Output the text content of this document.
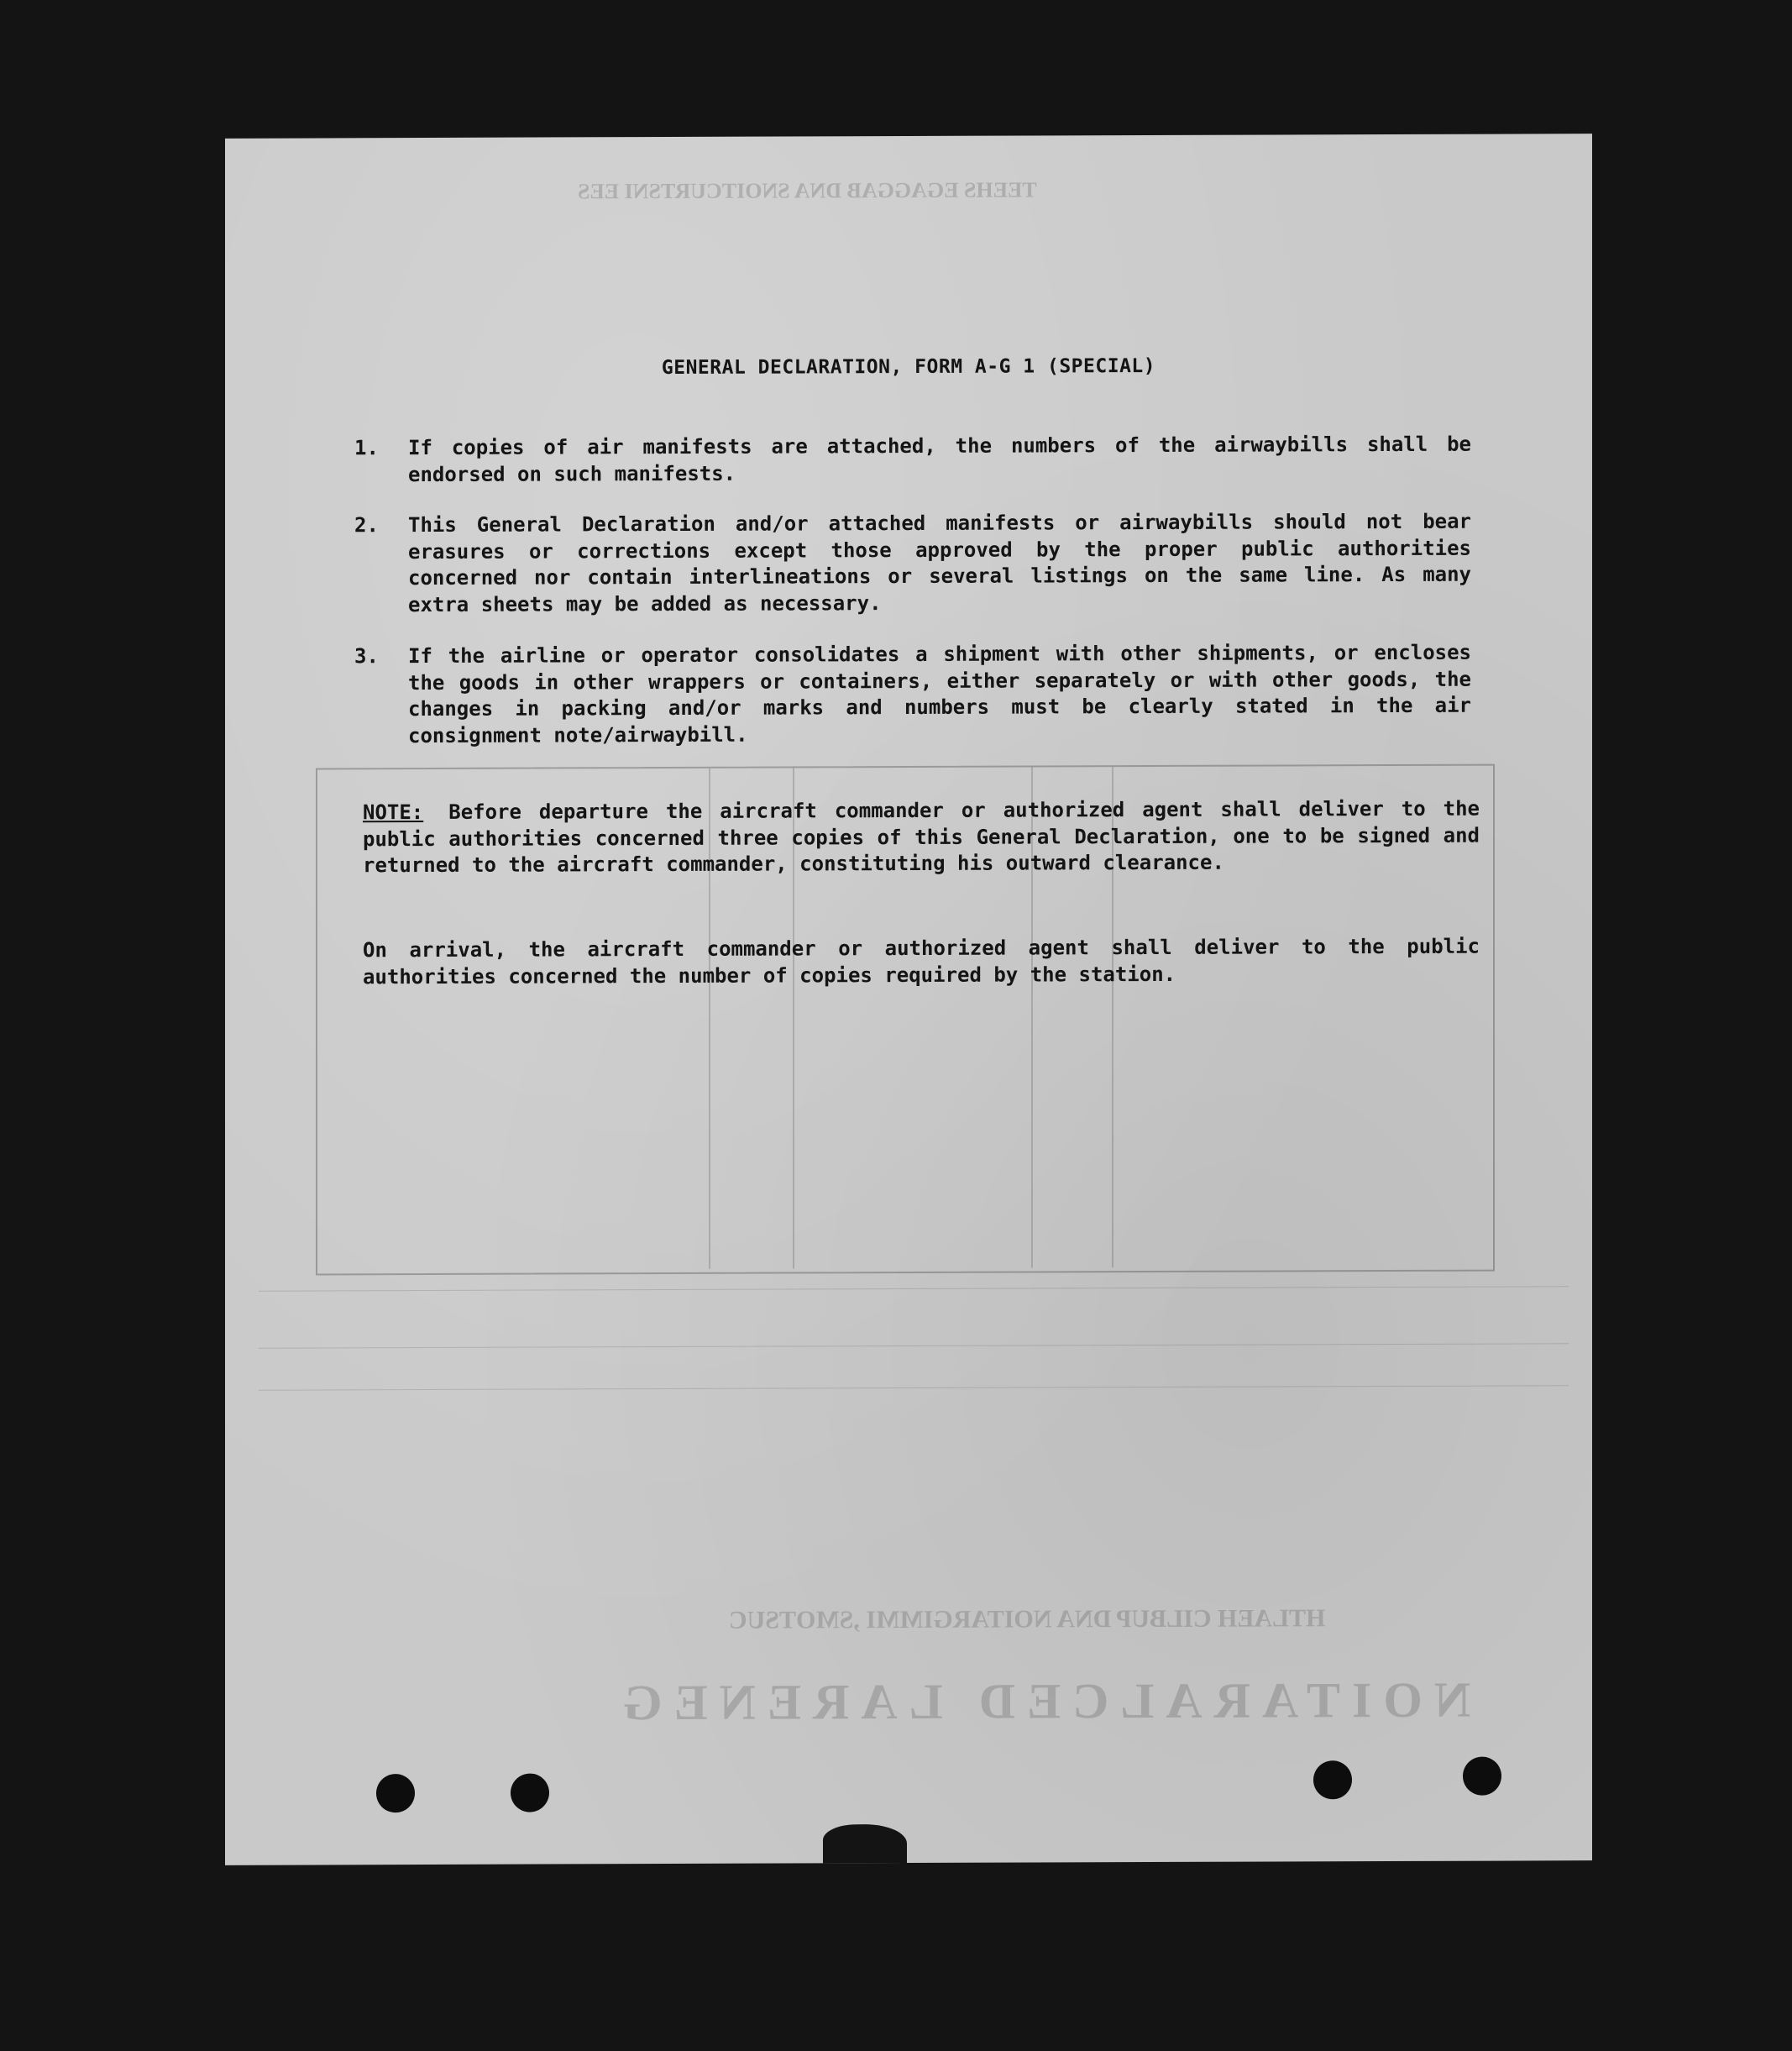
NOITARALCED LARENEG
HTLAEH CILBUP DNA NOITARGIMMI ,SMOTSUC
TEEHS EGAGGAB DNA SNOITCURTSNI EES
GENERAL DECLARATION, FORM A-G 1 (SPECIAL)
1. If copies of air manifests are attached, the numbers of the airwaybills shall be endorsed on such manifests.
2. This General Declaration and/or attached manifests or airwaybills should not bear erasures or corrections except those approved by the proper public authorities concerned nor contain interlineations or several listings on the same line. As many extra sheets may be added as necessary.
3. If the airline or operator consolidates a shipment with other shipments, or encloses the goods in other wrappers or containers, either separately or with other goods, the changes in packing and/or marks and numbers must be clearly stated in the air consignment note/airwaybill.
NOTE: Before departure the aircraft commander or authorized agent shall deliver to the public authorities concerned three copies of this General Declaration, one to be signed and returned to the aircraft commander, constituting his outward clearance.
On arrival, the aircraft commander or authorized agent shall deliver to the public authorities concerned the number of copies required by the station.
